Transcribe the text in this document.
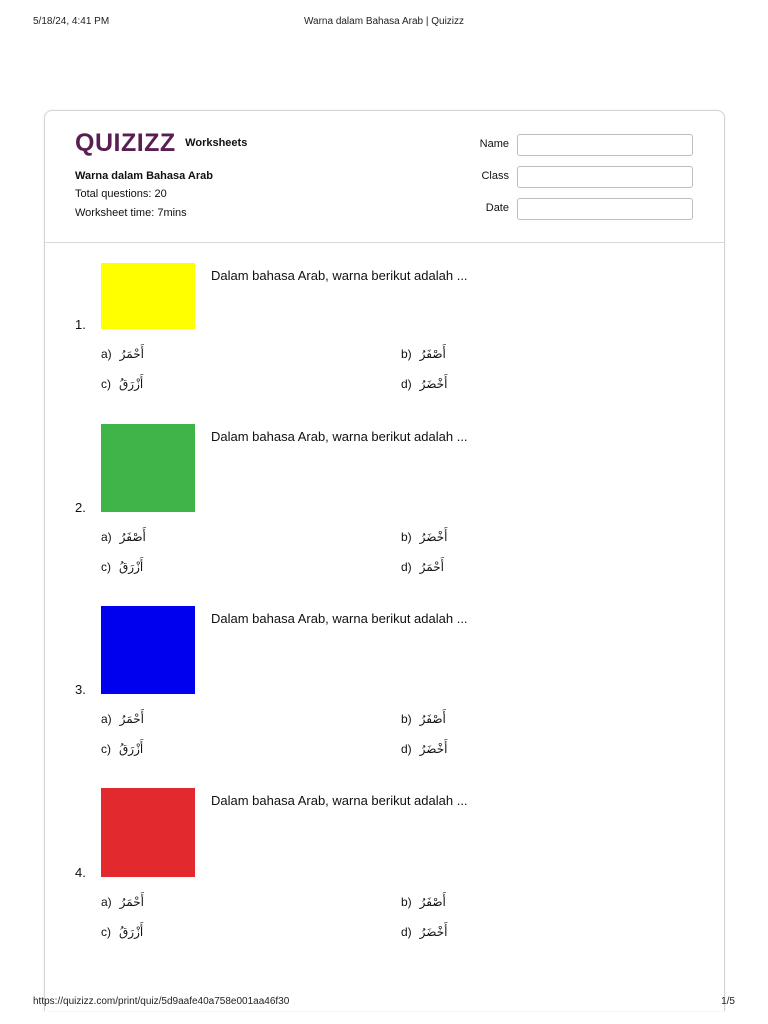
5/18/24, 4:41 PM	Warna dalam Bahasa Arab | Quizizz
QUIZIZZ Worksheets
Warna dalam Bahasa Arab
Total questions: 20
Worksheet time: 7mins
Name
Class
Date
Dalam bahasa Arab, warna berikut adalah ...
1.
a) أَحْمَرُ	b) أَصْفَرُ
c) أَزْرَقُ	d) أَخْضَرُ
Dalam bahasa Arab, warna berikut adalah ...
2.
a) أَصْفَرُ	b) أَخْضَرُ
c) أَزْرَقُ	d) أَحْمَرُ
Dalam bahasa Arab, warna berikut adalah ...
3.
a) أَحْمَرُ	b) أَصْفَرُ
c) أَزْرَقُ	d) أَخْضَرُ
Dalam bahasa Arab, warna berikut adalah ...
4.
a) أَحْمَرُ	b) أَصْفَرُ
c) أَزْرَقُ	d) أَخْضَرُ
https://quizizz.com/print/quiz/5d9aafe40a758e001aa46f30	1/5
